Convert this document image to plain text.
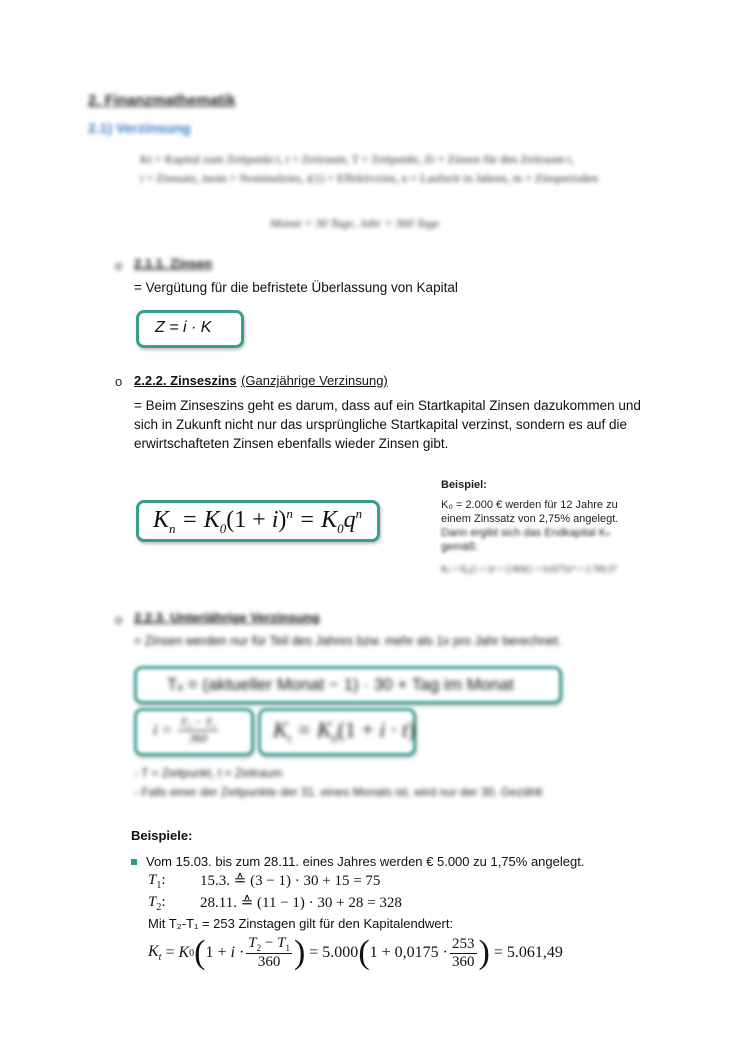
2. Finanzmathematik
2.1) Verzinsung
Kt = Kapital zum Zeitpunkt t, t = Zeitraum, T = Zeitpunkt, Zt = Zinsen für den Zeitraum t,
i = Zinssatz, inom = Nominalzins, i(1) = Effektivzins, n = Laufzeit in Jahren, m = Zinsperioden
Monat = 30 Tage, Jahr = 360 Tage
o 2.1.1. Zinsen
= Vergütung für die befristete Überlassung von Kapital
Z = i · K
o 2.2.2. Zinseszins (Ganzjährige Verzinsung)
= Beim Zinseszins geht es darum, dass auf ein Startkapital Zinsen dazukommen und
sich in Zukunft nicht nur das ursprüngliche Startkapital verzinst, sondern es auf die
erwirtschafteten Zinsen ebenfalls wieder Zinsen gibt.
$K_n = K_0(1 + i)^n = K_0q^n$
Beispiel:
K₀ = 2.000 € werden für 12 Jahre zu
einem Zinssatz von 2,75% angelegt.
Dann ergibt sich das Endkapital Kₙ
gemäß:
Kₙ = K₀(1 + i)ⁿ = 2.000(1 + 0,0275)¹² = 2.769,37
o 2.2.3. Unterjährige Verzinsung
= Zinsen werden nur für Teil des Jahres bzw. mehr als 1x pro Jahr berechnet.
Tₓ = (aktueller Monat − 1) · 30 + Tag im Monat
$i = \frac{\text{T₂ − T₁}}{360} K_t = K_0(1 + i \cdot t)$
- T = Zeitpunkt, t = Zeitraum
- Falls einer der Zeitpunkte der 31. eines Monats ist, wird nur der 30. Gezählt
Beispiele:
Vom 15.03. bis zum 28.11. eines Jahres werden € 5.000 zu 1,75% angelegt.
$T_1$: 15.3. ≙ (3 − 1) · 30 + 15 = 75
$T_2$: 28.11. ≙ (11 − 1) · 30 + 28 = 328
Mit T₂-T₁ = 253 Zinstagen gilt für den Kapitalendwert:
$K_t = K$ 0 ( $1 + i \cdot \frac{T_2 - T_1}{360}$ ) = 5.000 ( $1 + 0,0175 \cdot \frac{253}{360}$ ) = 5.061,49
